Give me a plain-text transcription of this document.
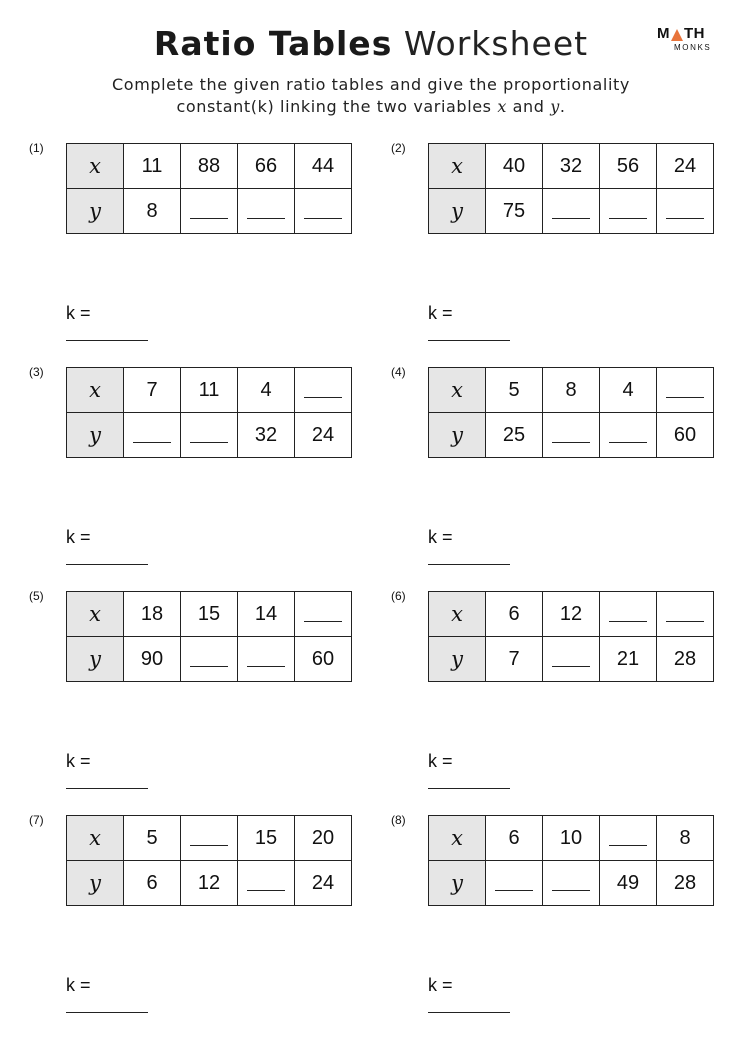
Ratio Tables Worksheet	M TH
MONKS
Complete the given ratio tables and give the proportionality
constant(k) linking the two variables x and y.
(1)
x	11	88	66	44
y	8			
k =
(2)
x	40	32	56	24
y	75			
k =
(3)
x	7	11	4	
y			32	24
k =
(4)
x	5	8	4	
y	25			60
k =
(5)
x	18	15	14	
y	90			60
k =
(6)
x	6	12		
y	7		21	28
k =
(7)
x	5		15	20
y	6	12		24
k =
(8)
x	6	10		8
y			49	28
k =
